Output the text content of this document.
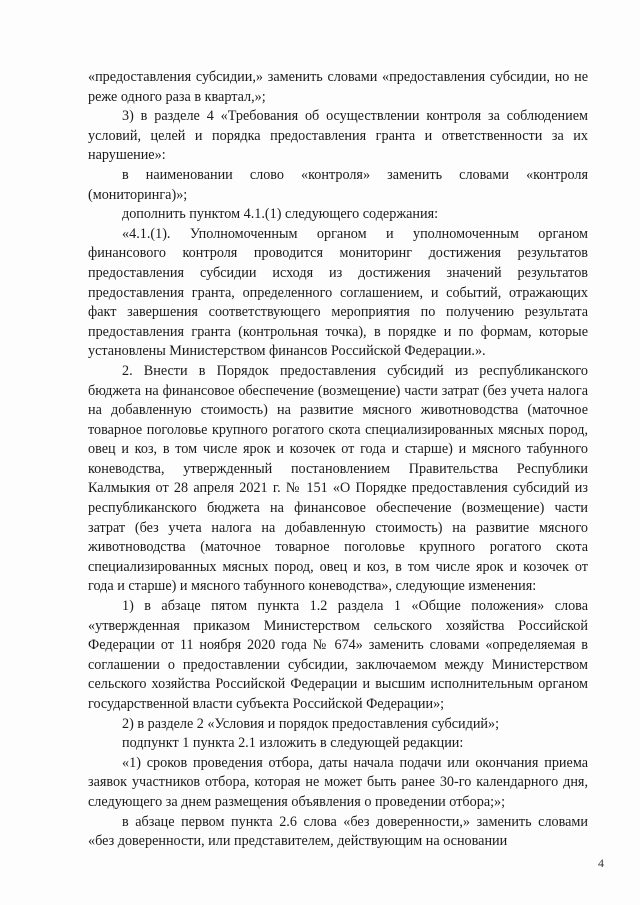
«предоставления субсидии,» заменить словами «предоставления субсидии, но не реже одного раза в квартал,»;

3) в разделе 4 «Требования об осуществлении контроля за соблюдением условий, целей и порядка предоставления гранта и ответственности за их нарушение»:

в наименовании слово «контроля» заменить словами «контроля (мониторинга)»;

дополнить пунктом 4.1.(1) следующего содержания:

«4.1.(1). Уполномоченным органом и уполномоченным органом финансового контроля проводится мониторинг достижения результатов предоставления субсидии исходя из достижения значений результатов предоставления гранта, определенного соглашением, и событий, отражающих факт завершения соответствующего мероприятия по получению результата предоставления гранта (контрольная точка), в порядке и по формам, которые установлены Министерством финансов Российской Федерации.».

2. Внести в Порядок предоставления субсидий из республиканского бюджета на финансовое обеспечение (возмещение) части затрат (без учета налога на добавленную стоимость) на развитие мясного животноводства (маточное товарное поголовье крупного рогатого скота специализированных мясных пород, овец и коз, в том числе ярок и козочек от года и старше) и мясного табунного коневодства, утвержденный постановлением Правительства Республики Калмыкия от 28 апреля 2021 г. № 151 «О Порядке предоставления субсидий из республиканского бюджета на финансовое обеспечение (возмещение) части затрат (без учета налога на добавленную стоимость) на развитие мясного животноводства (маточное товарное поголовье крупного рогатого скота специализированных мясных пород, овец и коз, в том числе ярок и козочек от года и старше) и мясного табунного коневодства», следующие изменения:

1) в абзаце пятом пункта 1.2 раздела 1 «Общие положения» слова «утвержденная приказом Министерством сельского хозяйства Российской Федерации от 11 ноября 2020 года № 674» заменить словами «определяемая в соглашении о предоставлении субсидии, заключаемом между Министерством сельского хозяйства Российской Федерации и высшим исполнительным органом государственной власти субъекта Российской Федерации»;

2) в разделе 2 «Условия и порядок предоставления субсидий»;

подпункт 1 пункта 2.1 изложить в следующей редакции:

«1) сроков проведения отбора, даты начала подачи или окончания приема заявок участников отбора, которая не может быть ранее 30-го календарного дня, следующего за днем размещения объявления о проведении отбора;»;

в абзаце первом пункта 2.6 слова «без доверенности,» заменить словами «без доверенности, или представителем, действующим на основании

4
